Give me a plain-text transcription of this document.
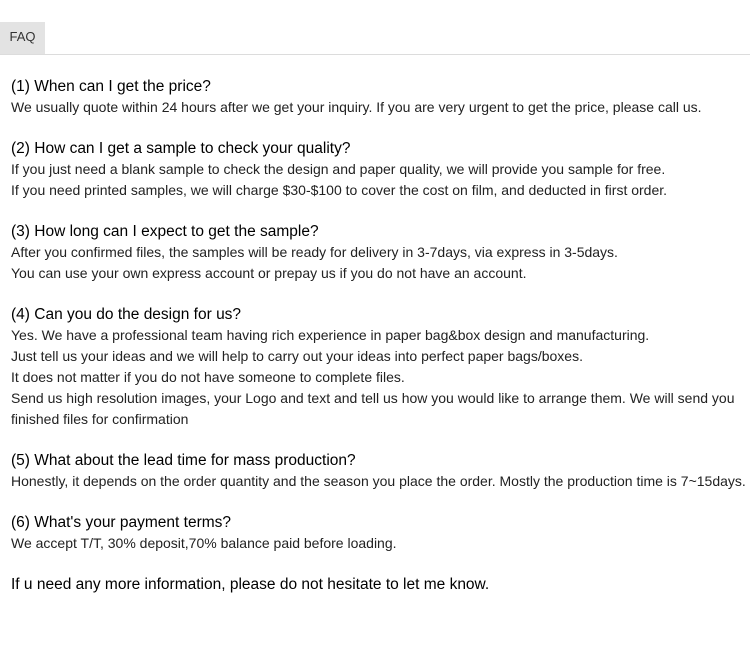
FAQ
(1) When can I get the price?

We usually quote within 24 hours after we get your inquiry. If you are very urgent to get the price, please call us.

(2) How can I get a sample to check your quality?

If you just need a blank sample to check the design and paper quality, we will provide you sample for free.

If you need printed samples, we will charge $30-$100 to cover the cost on film, and deducted in first order.

(3) How long can I expect to get the sample?

After you confirmed files, the samples will be ready for delivery in 3-7days, via express in 3-5days.

You can use your own express account or prepay us if you do not have an account.

(4) Can you do the design for us?

Yes. We have a professional team having rich experience in paper bag&box design and manufacturing.

Just tell us your ideas and we will help to carry out your ideas into perfect paper bags/boxes.

It does not matter if you do not have someone to complete files.

Send us high resolution images, your Logo and text and tell us how you would like to arrange them. We will send you finished files for confirmation

(5) What about the lead time for mass production?

Honestly, it depends on the order quantity and the season you place the order. Mostly the production time is 7~15days.

(6) What's your payment terms?

We accept T/T, 30% deposit,70% balance paid before loading.

If u need any more information, please do not hesitate to let me know.
